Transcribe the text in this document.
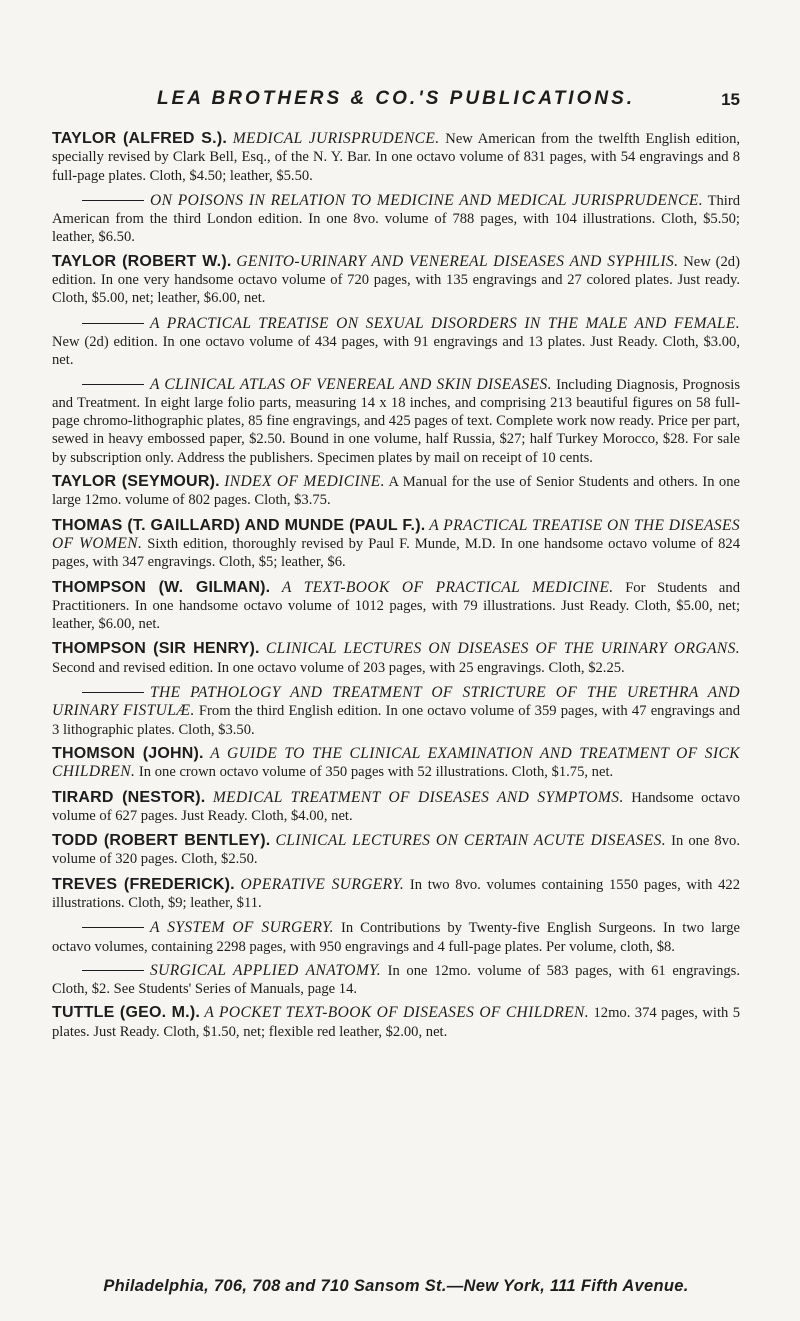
LEA BROTHERS & CO.'S PUBLICATIONS.	15

TAYLOR (ALFRED S.). MEDICAL JURISPRUDENCE. New American from the twelfth English edition, specially revised by Clark Bell, Esq., of the N. Y. Bar. In one octavo volume of 831 pages, with 54 engravings and 8 full-page plates. Cloth, $4.50; leather, $5.50.

ON POISONS IN RELATION TO MEDICINE AND MEDICAL JURISPRUDENCE. Third American from the third London edition. In one 8vo. volume of 788 pages, with 104 illustrations. Cloth, $5.50; leather, $6.50.

TAYLOR (ROBERT W.). GENITO-URINARY AND VENEREAL DISEASES AND SYPHILIS. New (2d) edition. In one very handsome octavo volume of 720 pages, with 135 engravings and 27 colored plates. Just ready. Cloth, $5.00, net; leather, $6.00, net.

A PRACTICAL TREATISE ON SEXUAL DISORDERS IN THE MALE AND FEMALE. New (2d) edition. In one octavo volume of 434 pages, with 91 engravings and 13 plates. Just Ready. Cloth, $3.00, net.

A CLINICAL ATLAS OF VENEREAL AND SKIN DISEASES. Including Diagnosis, Prognosis and Treatment. In eight large folio parts, measuring 14 x 18 inches, and comprising 213 beautiful figures on 58 full-page chromo-lithographic plates, 85 fine engravings, and 425 pages of text. Complete work now ready. Price per part, sewed in heavy embossed paper, $2.50. Bound in one volume, half Russia, $27; half Turkey Morocco, $28. For sale by subscription only. Address the publishers. Specimen plates by mail on receipt of 10 cents.

TAYLOR (SEYMOUR). INDEX OF MEDICINE. A Manual for the use of Senior Students and others. In one large 12mo. volume of 802 pages. Cloth, $3.75.

THOMAS (T. GAILLARD) AND MUNDE (PAUL F.). A PRACTICAL TREATISE ON THE DISEASES OF WOMEN. Sixth edition, thoroughly revised by Paul F. Munde, M.D. In one handsome octavo volume of 824 pages, with 347 engravings. Cloth, $5; leather, $6.

THOMPSON (W. GILMAN). A TEXT-BOOK OF PRACTICAL MEDICINE. For Students and Practitioners. In one handsome octavo volume of 1012 pages, with 79 illustrations. Just Ready. Cloth, $5.00, net; leather, $6.00, net.

THOMPSON (SIR HENRY). CLINICAL LECTURES ON DISEASES OF THE URINARY ORGANS. Second and revised edition. In one octavo volume of 203 pages, with 25 engravings. Cloth, $2.25.

THE PATHOLOGY AND TREATMENT OF STRICTURE OF THE URETHRA AND URINARY FISTULÆ. From the third English edition. In one octavo volume of 359 pages, with 47 engravings and 3 lithographic plates. Cloth, $3.50.

THOMSON (JOHN). A GUIDE TO THE CLINICAL EXAMINATION AND TREATMENT OF SICK CHILDREN. In one crown octavo volume of 350 pages with 52 illustrations. Cloth, $1.75, net.

TIRARD (NESTOR). MEDICAL TREATMENT OF DISEASES AND SYMPTOMS. Handsome octavo volume of 627 pages. Just Ready. Cloth, $4.00, net.

TODD (ROBERT BENTLEY). CLINICAL LECTURES ON CERTAIN ACUTE DISEASES. In one 8vo. volume of 320 pages. Cloth, $2.50.

TREVES (FREDERICK). OPERATIVE SURGERY. In two 8vo. volumes containing 1550 pages, with 422 illustrations. Cloth, $9; leather, $11.

A SYSTEM OF SURGERY. In Contributions by Twenty-five English Surgeons. In two large octavo volumes, containing 2298 pages, with 950 engravings and 4 full-page plates. Per volume, cloth, $8.

SURGICAL APPLIED ANATOMY. In one 12mo. volume of 583 pages, with 61 engravings. Cloth, $2. See Students' Series of Manuals, page 14.

TUTTLE (GEO. M.). A POCKET TEXT-BOOK OF DISEASES OF CHILDREN. 12mo. 374 pages, with 5 plates. Just Ready. Cloth, $1.50, net; flexible red leather, $2.00, net.

Philadelphia, 706, 708 and 710 Sansom St.—New York, 111 Fifth Avenue.
